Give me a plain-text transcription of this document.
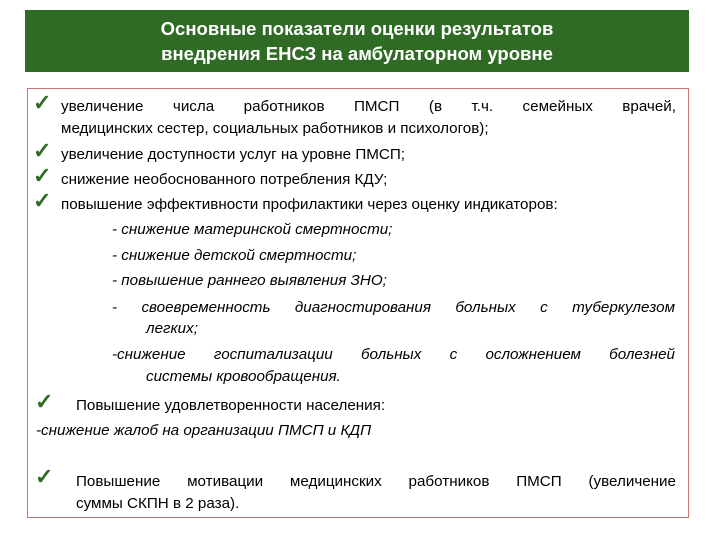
Основные показатели оценки результатов
внедрения ЕНСЗ на амбулаторном уровне
✓ увеличение числа работников ПМСП (в т.ч. семейных врачей,
медицинских сестер, социальных работников и психологов);
✓ увеличение доступности услуг на уровне ПМСП;
✓ снижение необоснованного потребления КДУ;
✓ повышение эффективности профилактики через оценку индикаторов:
- снижение материнской смертности;
- снижение детской смертности;
- повышение раннего выявления ЗНО;
- своевременность диагностирования больных с туберкулезом
легких;
-снижение госпитализации больных с осложнением болезней
системы кровообращения.
✓ Повышение удовлетворенности населения:
-снижение жалоб на организации ПМСП и КДП
✓ Повышение мотивации медицинских работников ПМСП (увеличение
суммы СКПН в 2 раза).
